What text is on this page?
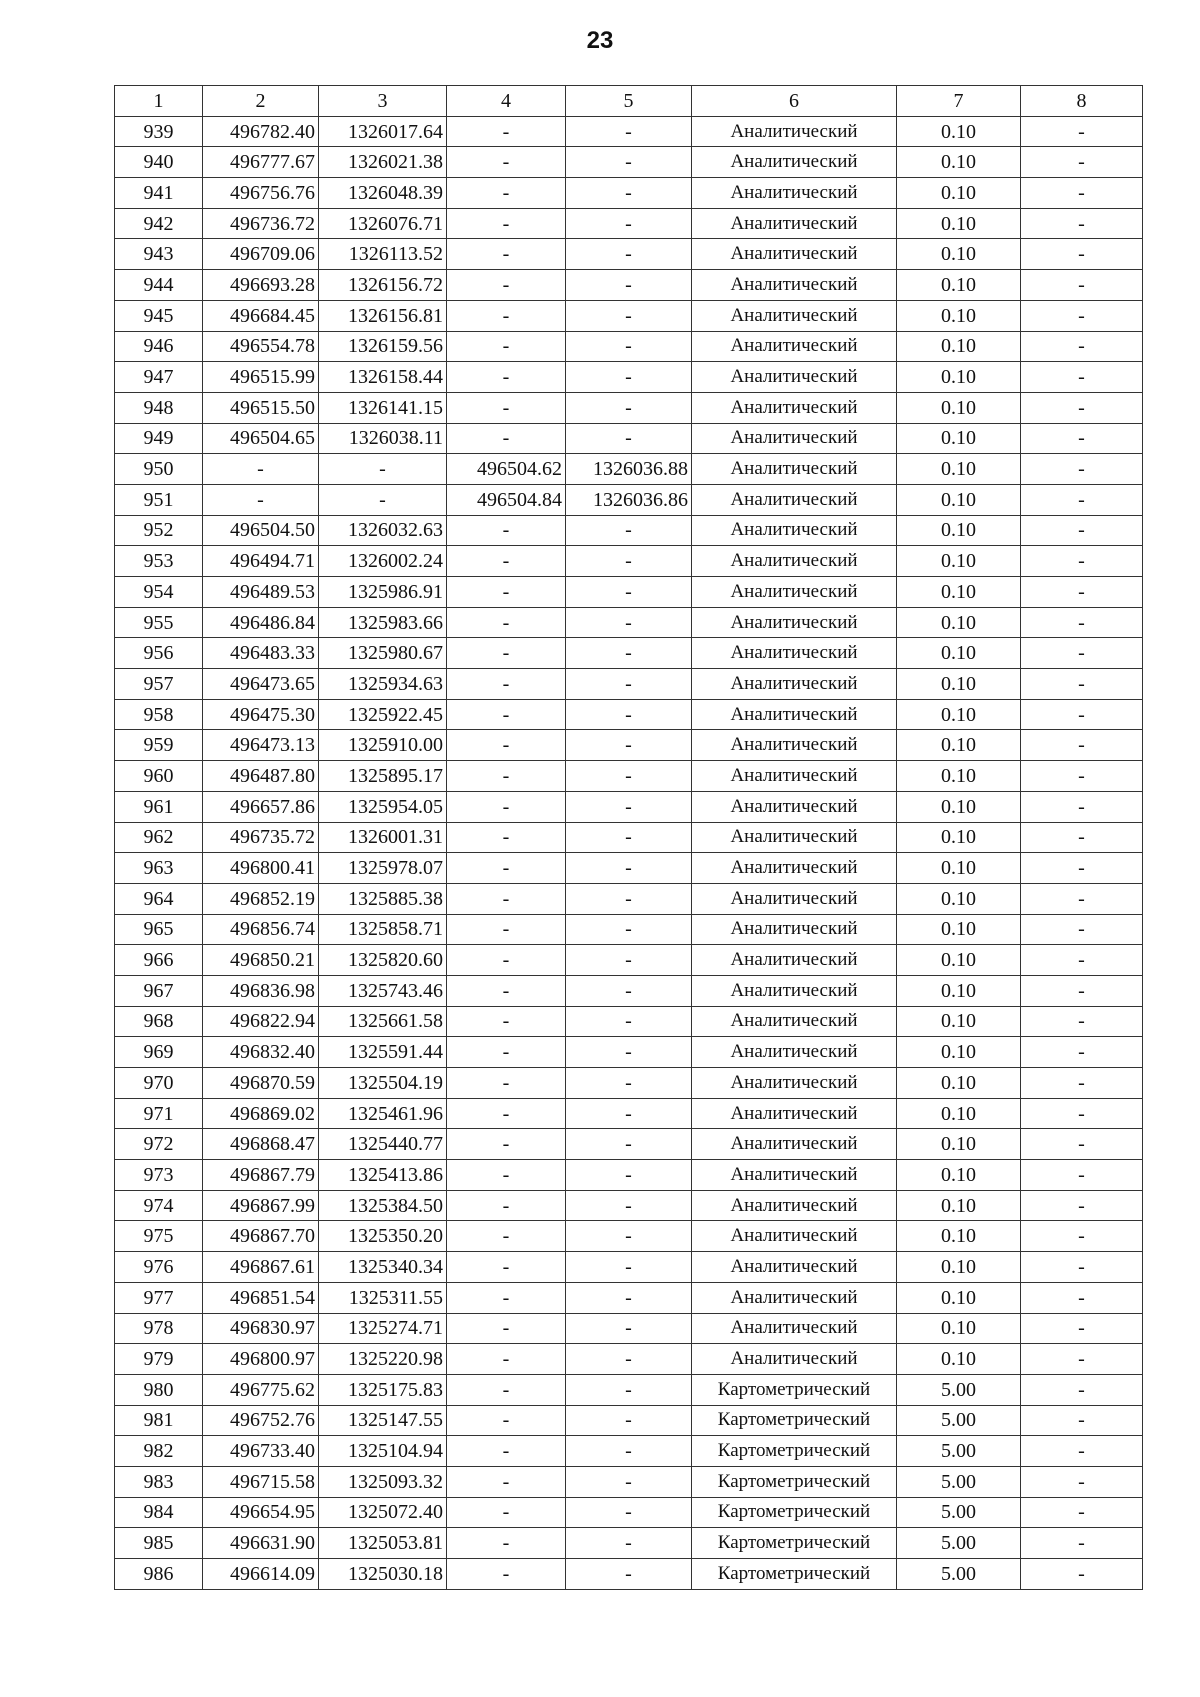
23
1	2	3	4	5	6	7	8
939	496782.40	1326017.64	-	-	Аналитический	0.10	-
940	496777.67	1326021.38	-	-	Аналитический	0.10	-
941	496756.76	1326048.39	-	-	Аналитический	0.10	-
942	496736.72	1326076.71	-	-	Аналитический	0.10	-
943	496709.06	1326113.52	-	-	Аналитический	0.10	-
944	496693.28	1326156.72	-	-	Аналитический	0.10	-
945	496684.45	1326156.81	-	-	Аналитический	0.10	-
946	496554.78	1326159.56	-	-	Аналитический	0.10	-
947	496515.99	1326158.44	-	-	Аналитический	0.10	-
948	496515.50	1326141.15	-	-	Аналитический	0.10	-
949	496504.65	1326038.11	-	-	Аналитический	0.10	-
950	-	-	496504.62	1326036.88	Аналитический	0.10	-
951	-	-	496504.84	1326036.86	Аналитический	0.10	-
952	496504.50	1326032.63	-	-	Аналитический	0.10	-
953	496494.71	1326002.24	-	-	Аналитический	0.10	-
954	496489.53	1325986.91	-	-	Аналитический	0.10	-
955	496486.84	1325983.66	-	-	Аналитический	0.10	-
956	496483.33	1325980.67	-	-	Аналитический	0.10	-
957	496473.65	1325934.63	-	-	Аналитический	0.10	-
958	496475.30	1325922.45	-	-	Аналитический	0.10	-
959	496473.13	1325910.00	-	-	Аналитический	0.10	-
960	496487.80	1325895.17	-	-	Аналитический	0.10	-
961	496657.86	1325954.05	-	-	Аналитический	0.10	-
962	496735.72	1326001.31	-	-	Аналитический	0.10	-
963	496800.41	1325978.07	-	-	Аналитический	0.10	-
964	496852.19	1325885.38	-	-	Аналитический	0.10	-
965	496856.74	1325858.71	-	-	Аналитический	0.10	-
966	496850.21	1325820.60	-	-	Аналитический	0.10	-
967	496836.98	1325743.46	-	-	Аналитический	0.10	-
968	496822.94	1325661.58	-	-	Аналитический	0.10	-
969	496832.40	1325591.44	-	-	Аналитический	0.10	-
970	496870.59	1325504.19	-	-	Аналитический	0.10	-
971	496869.02	1325461.96	-	-	Аналитический	0.10	-
972	496868.47	1325440.77	-	-	Аналитический	0.10	-
973	496867.79	1325413.86	-	-	Аналитический	0.10	-
974	496867.99	1325384.50	-	-	Аналитический	0.10	-
975	496867.70	1325350.20	-	-	Аналитический	0.10	-
976	496867.61	1325340.34	-	-	Аналитический	0.10	-
977	496851.54	1325311.55	-	-	Аналитический	0.10	-
978	496830.97	1325274.71	-	-	Аналитический	0.10	-
979	496800.97	1325220.98	-	-	Аналитический	0.10	-
980	496775.62	1325175.83	-	-	Картометрический	5.00	-
981	496752.76	1325147.55	-	-	Картометрический	5.00	-
982	496733.40	1325104.94	-	-	Картометрический	5.00	-
983	496715.58	1325093.32	-	-	Картометрический	5.00	-
984	496654.95	1325072.40	-	-	Картометрический	5.00	-
985	496631.90	1325053.81	-	-	Картометрический	5.00	-
986	496614.09	1325030.18	-	-	Картометрический	5.00	-
